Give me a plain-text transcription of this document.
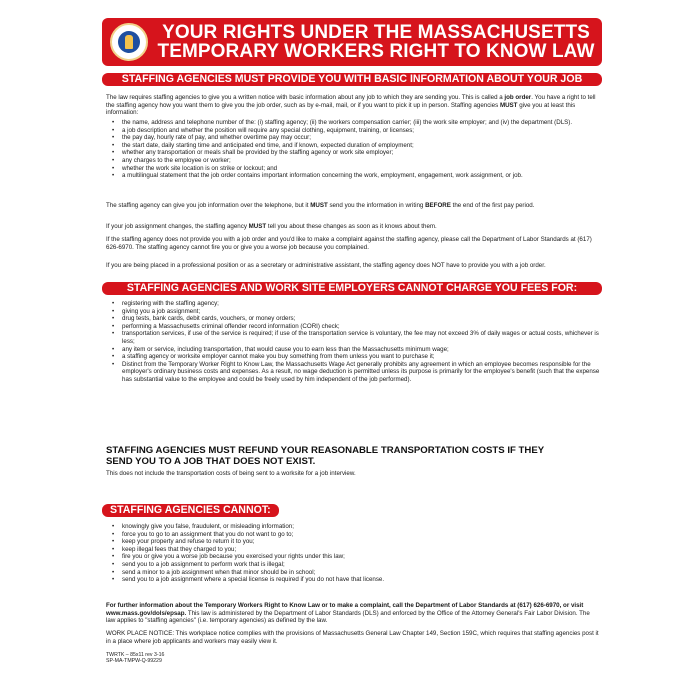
YOUR RIGHTS UNDER THE MASSACHUSETTS
TEMPORARY WORKERS RIGHT TO KNOW LAW
STAFFING AGENCIES MUST PROVIDE YOU WITH BASIC INFORMATION ABOUT YOUR JOB
The law requires staffing agencies to give you a written notice with basic information about any job to which they are sending you. This is called a job order. You have a right to tell the staffing agency how you want them to give you the job order, such as by e-mail, mail, or if you want to pick it up in person. Staffing agencies MUST give you at least this information:
• the name, address and telephone number of the: (i) staffing agency; (ii) the workers compensation carrier; (iii) the work site employer; and (iv) the department (DLS).
• a job description and whether the position will require any special clothing, equipment, training, or licenses;
• the pay day, hourly rate of pay, and whether overtime pay may occur;
• the start date, daily starting time and anticipated end time, and if known, expected duration of employment;
• whether any transportation or meals shall be provided by the staffing agency or work site employer;
• any charges to the employee or worker;
• whether the work site location is on strike or lockout; and
• a multilingual statement that the job order contains important information concerning the work, employment, engagement, work assignment, or job.
The staffing agency can give you job information over the telephone, but it MUST send you the information in writing BEFORE the end of the first pay period.
If your job assignment changes, the staffing agency MUST tell you about these changes as soon as it knows about them.
If the staffing agency does not provide you with a job order and you'd like to make a complaint against the staffing agency, please call the Department of Labor Standards at (617) 626-6970. The staffing agency cannot fire you or give you a worse job because you complained.
If you are being placed in a professional position or as a secretary or administrative assistant, the staffing agency does NOT have to provide you with a job order.
STAFFING AGENCIES AND WORK SITE EMPLOYERS CANNOT CHARGE YOU FEES FOR:
• registering with the staffing agency;
• giving you a job assignment;
• drug tests, bank cards, debit cards, vouchers, or money orders;
• performing a Massachusetts criminal offender record information (CORI) check;
• transportation services, if use of the service is required; if use of the transportation service is voluntary, the fee may not exceed 3% of daily wages or actual costs, whichever is less;
• any item or service, including transportation, that would cause you to earn less than the Massachusetts minimum wage;
• a staffing agency or worksite employer cannot make you buy something from them unless you want to purchase it;
• Distinct from the Temporary Worker Right to Know Law, the Massachusetts Wage Act generally prohibits any agreement in which an employee becomes responsible for the employer's ordinary business costs and expenses. As a result, no wage deduction is permitted unless its purpose is primarily for the employee's benefit (such that the expense has substantial value to the employee and could be freely used by him independent of the job performed).
STAFFING AGENCIES MUST REFUND YOUR REASONABLE TRANSPORTATION COSTS IF THEY
SEND YOU TO A JOB THAT DOES NOT EXIST.
This does not include the transportation costs of being sent to a worksite for a job interview.
STAFFING AGENCIES CANNOT:
• knowingly give you false, fraudulent, or misleading information;
• force you to go to an assignment that you do not want to go to;
• keep your property and refuse to return it to you;
• keep illegal fees that they charged to you;
• fire you or give you a worse job because you exercised your rights under this law;
• send you to a job assignment to perform work that is illegal;
• send a minor to a job assignment when that minor should be in school;
• send you to a job assignment where a special license is required if you do not have that license.
For further information about the Temporary Workers Right to Know Law or to make a complaint, call the Department of Labor Standards at (617) 626-6970, or visit www.mass.gov/dols/epsap. This law is administered by the Department of Labor Standards (DLS) and enforced by the Office of the Attorney General's Fair Labor Division. The law applies to "staffing agencies" (i.e. temporary agencies) as defined by the law.
WORK PLACE NOTICE: This workplace notice complies with the provisions of Massachusetts General Law Chapter 149, Section 159C, which requires that staffing agencies post it in a place where job applicants and workers may easily view it.
TWRTK – 85x11 rev 3-16
SP-MA-TMPW-Q-99229
